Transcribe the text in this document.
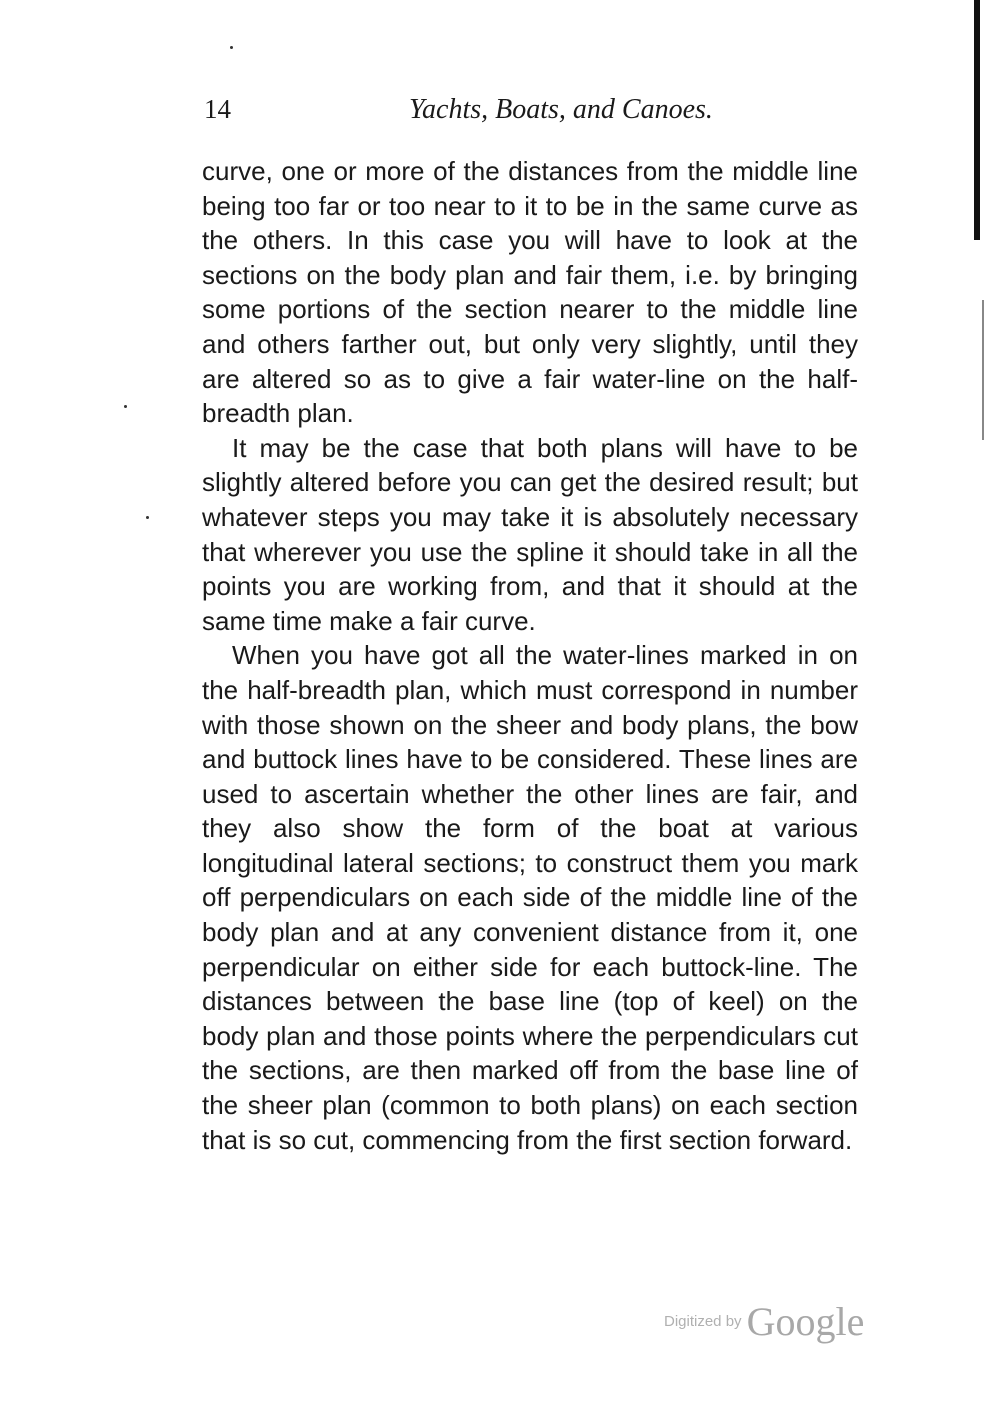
14	Yachts, Boats, and Canoes.

curve, one or more of the distances from the middle line being too far or too near to it to be in the same curve as the others. In this case you will have to look at the sections on the body plan and fair them, i.e. by bringing some portions of the section nearer to the middle line and others farther out, but only very slightly, until they are altered so as to give a fair water-line on the half-breadth plan.

It may be the case that both plans will have to be slightly altered before you can get the desired result; but whatever steps you may take it is absolutely necessary that wherever you use the spline it should take in all the points you are working from, and that it should at the same time make a fair curve.

When you have got all the water-lines marked in on the half-breadth plan, which must correspond in number with those shown on the sheer and body plans, the bow and buttock lines have to be considered. These lines are used to ascertain whether the other lines are fair, and they also show the form of the boat at various longitudinal lateral sections; to construct them you mark off perpendiculars on each side of the middle line of the body plan and at any convenient distance from it, one perpendicular on either side for each buttock-line. The distances between the base line (top of keel) on the body plan and those points where the perpendiculars cut the sections, are then marked off from the base line of the sheer plan (common to both plans) on each section that is so cut, commencing from the first section forward.

Digitized by Google
